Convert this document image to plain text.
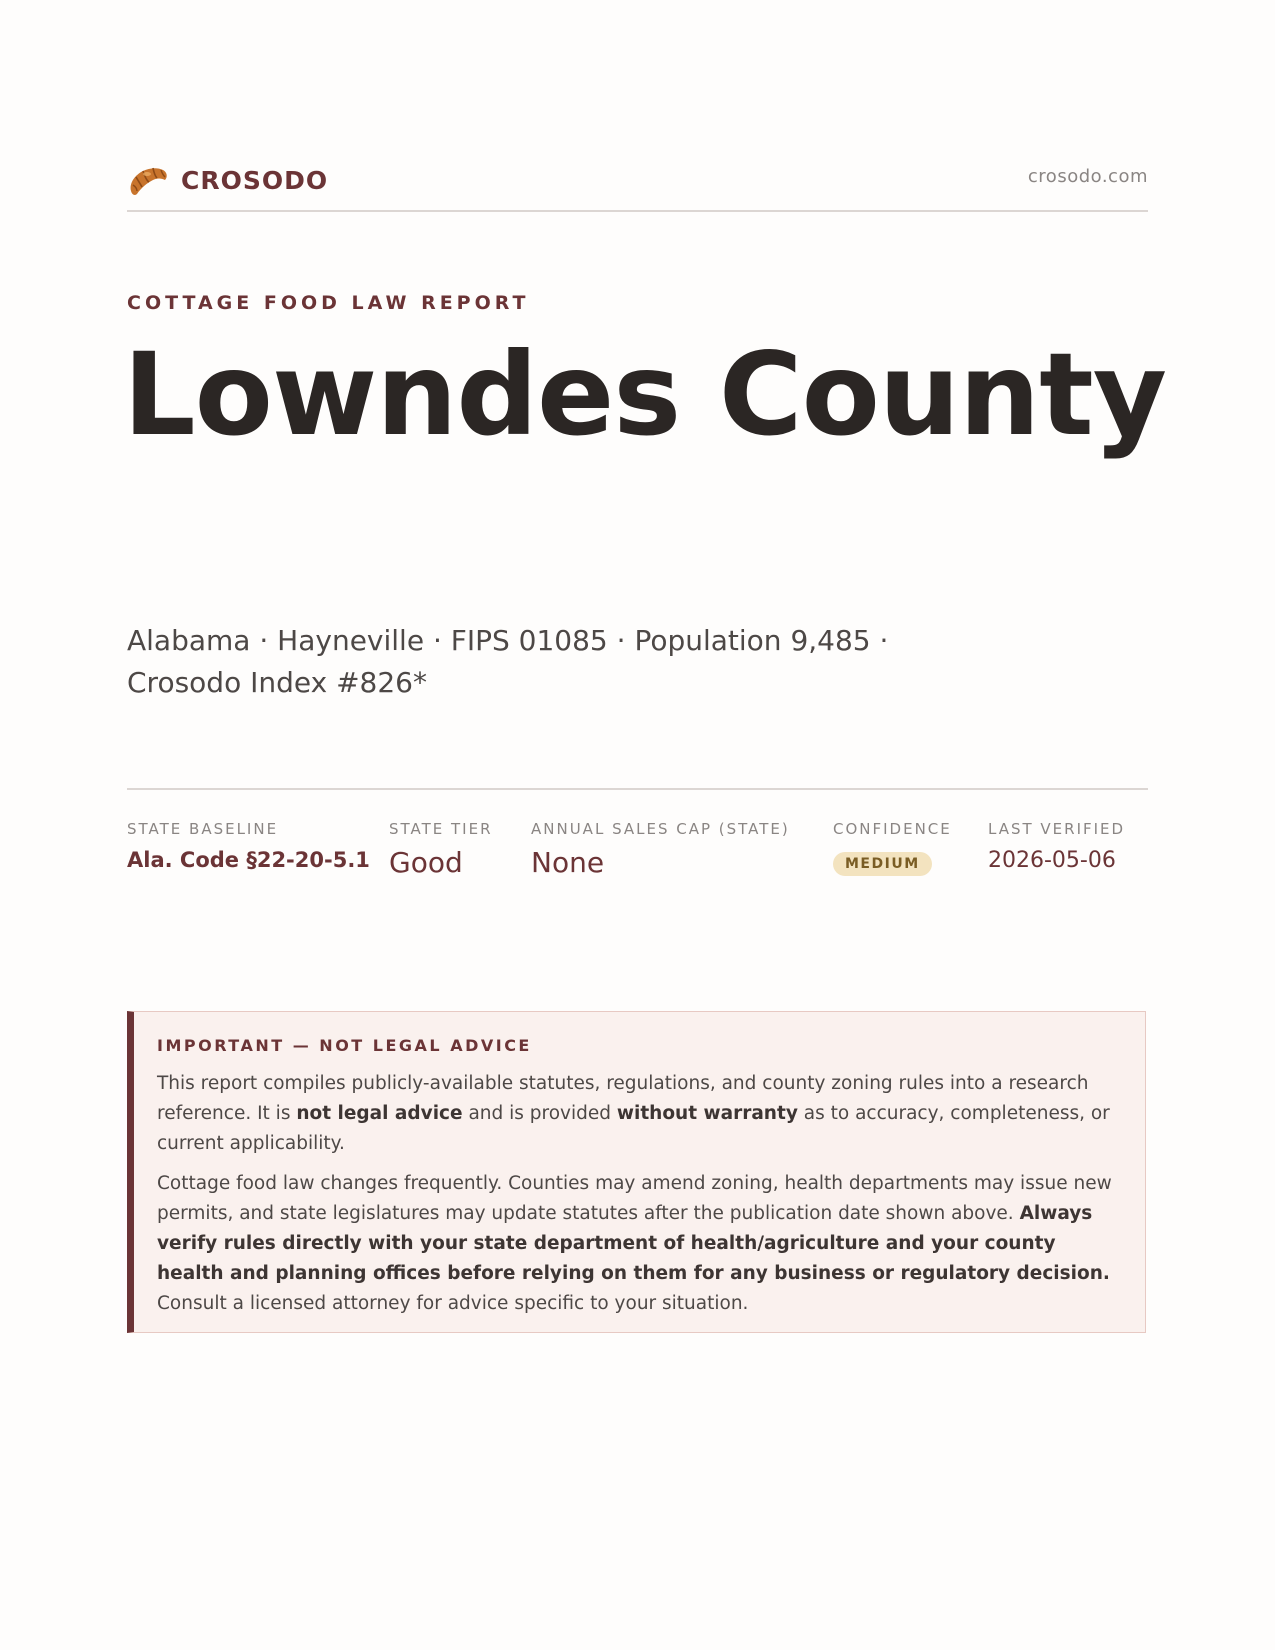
CROSODO	crosodo.com
COTTAGE FOOD LAW REPORT
Lowndes County
Alabama · Hayneville · FIPS 01085 · Population 9,485 · Crosodo Index #826*
STATE BASELINE
Ala. Code §22-20-5.1
STATE TIER
Good
ANNUAL SALES CAP (STATE)
None
CONFIDENCE
MEDIUM
LAST VERIFIED
2026-05-06
IMPORTANT — NOT LEGAL ADVICE

This report compiles publicly-available statutes, regulations, and county zoning rules into a research reference. It is not legal advice and is provided without warranty as to accuracy, completeness, or current applicability.

Cottage food law changes frequently. Counties may amend zoning, health departments may issue new permits, and state legislatures may update statutes after the publication date shown above. Always verify rules directly with your state department of health/agriculture and your county health and planning offices before relying on them for any business or regulatory decision. Consult a licensed attorney for advice specific to your situation.
